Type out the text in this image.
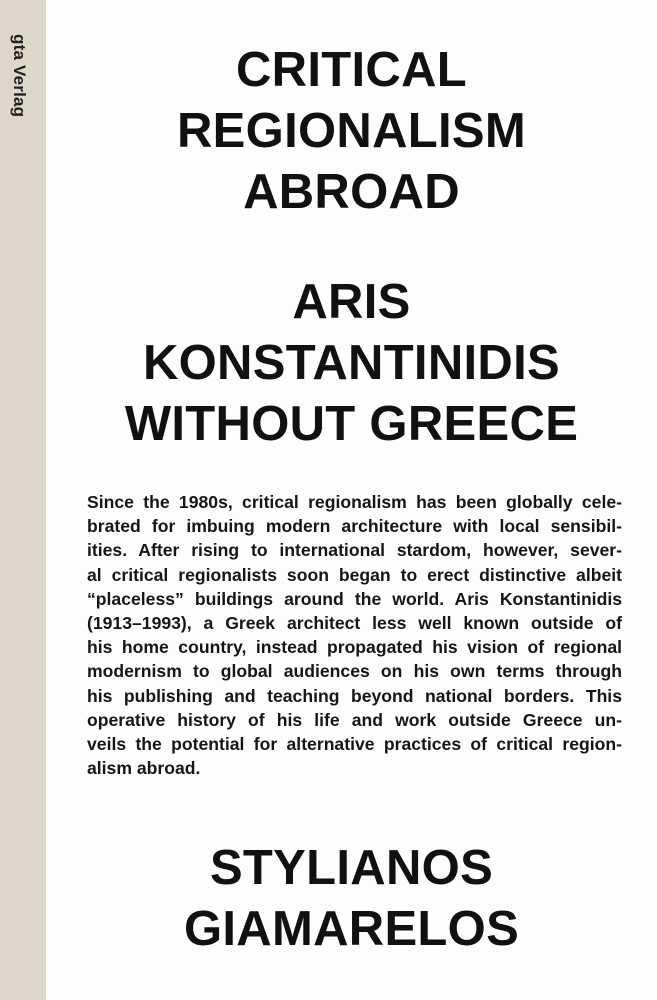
gta Verlag	CRITICAL
REGIONALISM
ABROAD
ARIS
KONSTANTINIDIS
WITHOUT GREECE
Since the 1980s, critical regionalism has been globally cele-
brated for imbuing modern architecture with local sensibil-
ities. After rising to international stardom, however, sever-
al critical regionalists soon began to erect distinctive albeit
“placeless” buildings around the world. Aris Konstantinidis
(1913–1993), a Greek architect less well known outside of
his home country, instead propagated his vision of regional
modernism to global audiences on his own terms through
his publishing and teaching beyond national borders. This
operative history of his life and work outside Greece un-
veils the potential for alternative practices of critical region-
alism abroad.
STYLIANOS
GIAMARELOS
